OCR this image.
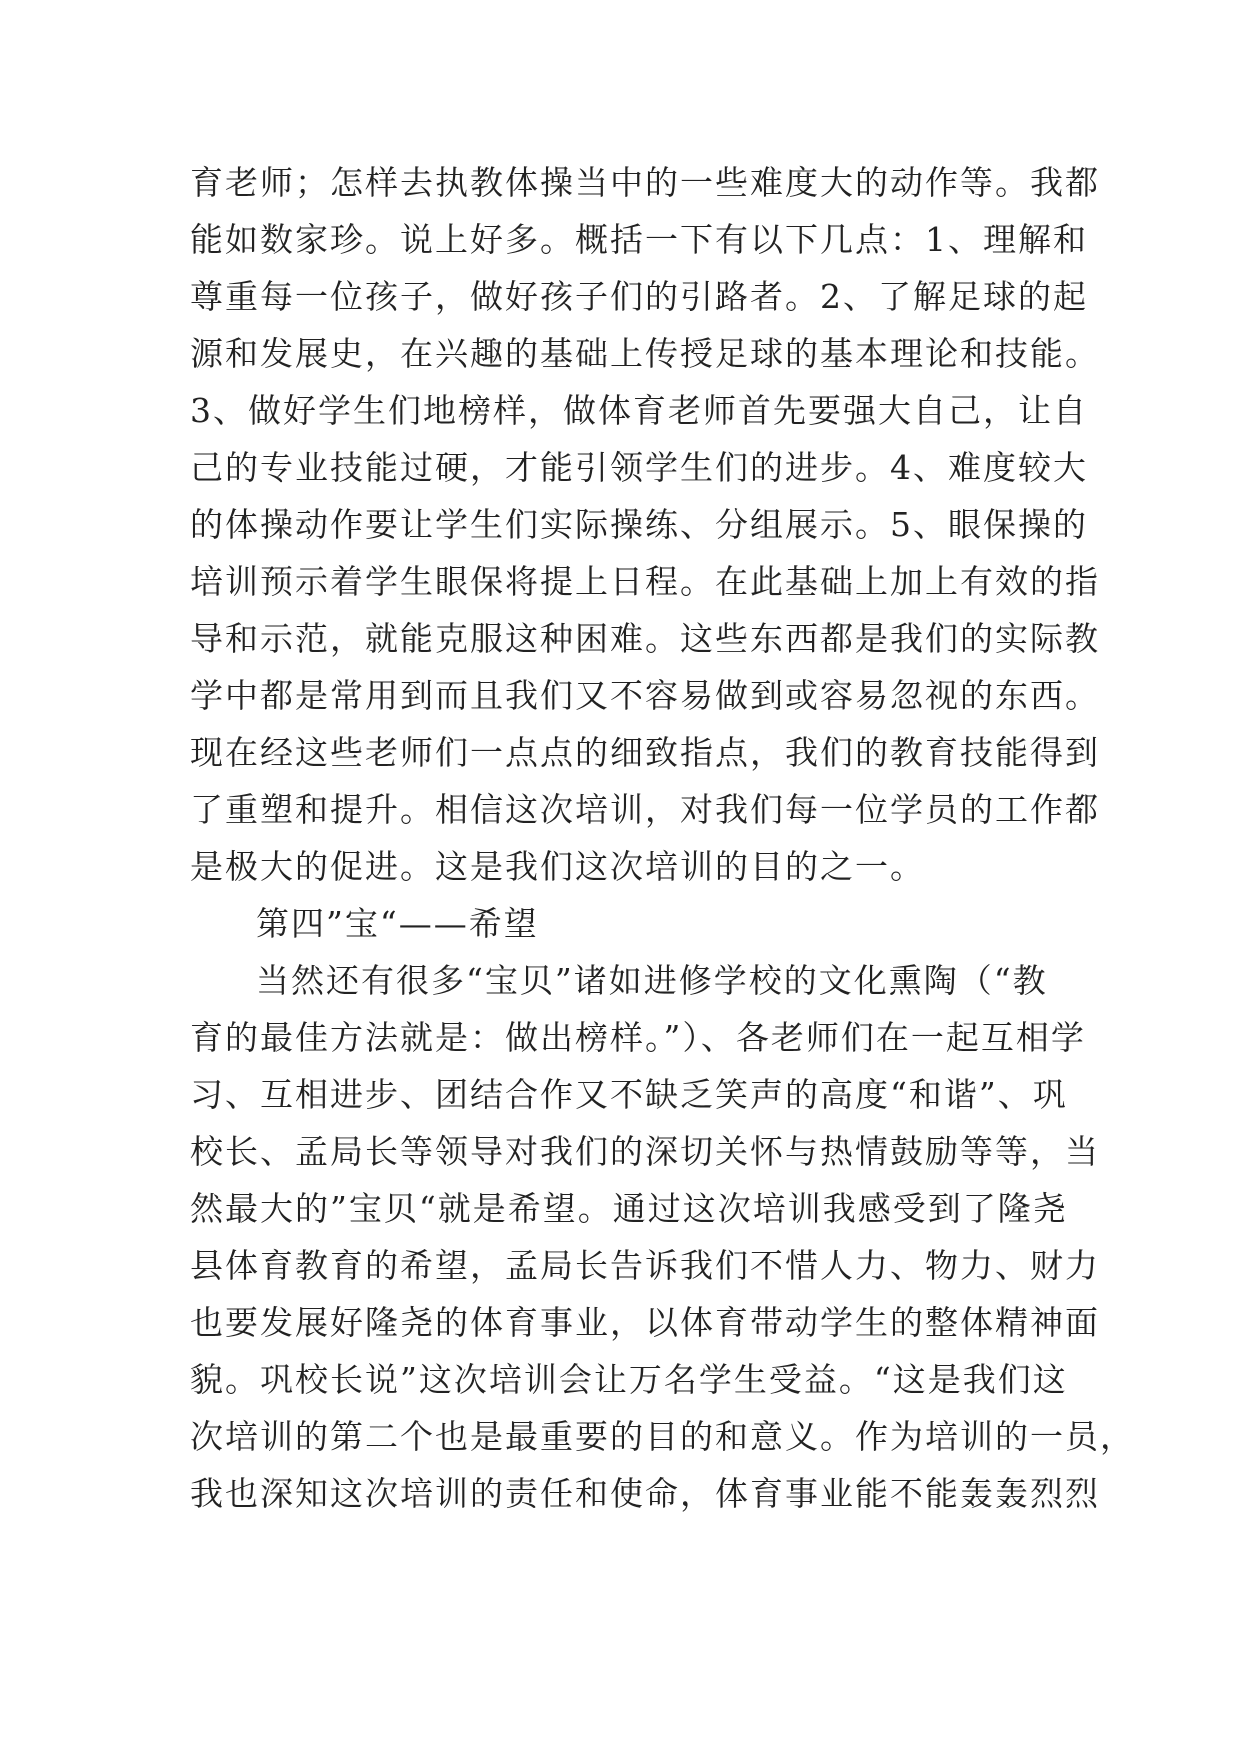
育老师；怎样去执教体操当中的一些难度大的动作等。我都
能如数家珍。说上好多。概括一下有以下几点：1、理解和
尊重每一位孩子，做好孩子们的引路者。2、了解足球的起
源和发展史，在兴趣的基础上传授足球的基本理论和技能。
3、做好学生们地榜样，做体育老师首先要强大自己，让自
己的专业技能过硬，才能引领学生们的进步。4、难度较大
的体操动作要让学生们实际操练、分组展示。5、眼保操的
培训预示着学生眼保将提上日程。在此基础上加上有效的指
导和示范，就能克服这种困难。这些东西都是我们的实际教
学中都是常用到而且我们又不容易做到或容易忽视的东西。
现在经这些老师们一点点的细致指点，我们的教育技能得到
了重塑和提升。相信这次培训，对我们每一位学员的工作都
是极大的促进。这是我们这次培训的目的之一。
第四”宝“——希望
当然还有很多“宝贝”诸如进修学校的文化熏陶（“教
育的最佳方法就是：做出榜样。”）、各老师们在一起互相学
习、互相进步、团结合作又不缺乏笑声的高度“和谐”、巩
校长、孟局长等领导对我们的深切关怀与热情鼓励等等，当
然最大的”宝贝“就是希望。通过这次培训我感受到了隆尧
县体育教育的希望，孟局长告诉我们不惜人力、物力、财力
也要发展好隆尧的体育事业，以体育带动学生的整体精神面
貌。巩校长说”这次培训会让万名学生受益。“这是我们这
次培训的第二个也是最重要的目的和意义。作为培训的一员，
我也深知这次培训的责任和使命，体育事业能不能轰轰烈烈
